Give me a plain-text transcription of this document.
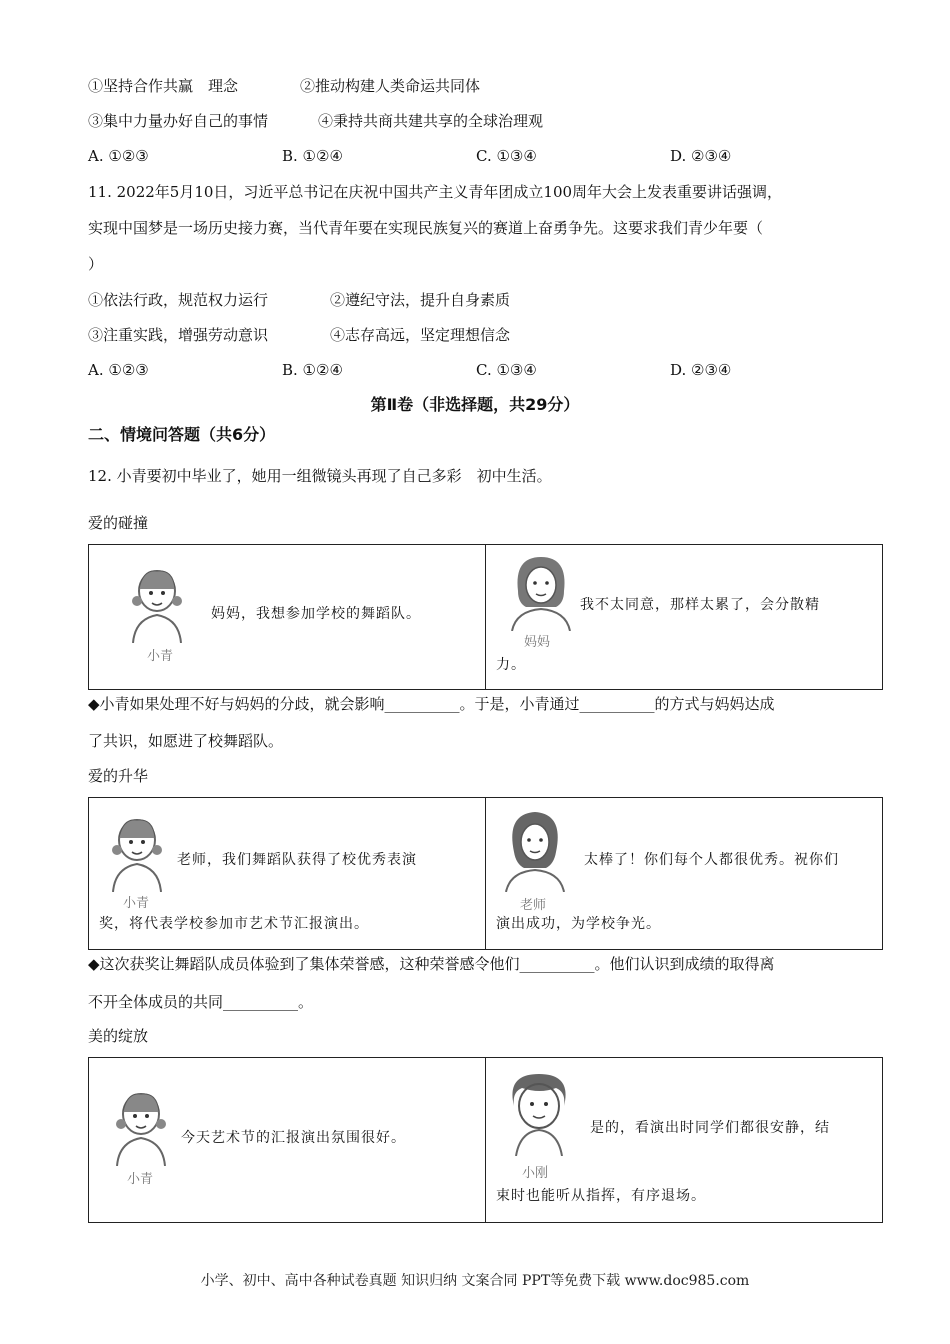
①坚持合作共赢　理念	②推动构建人类命运共同体
③集中力量办好自己的事情	④秉持共商共建共享的全球治理观
A. ①②③	B. ①②④	C. ①③④	D. ②③④
11. 2022年5月10日，习近平总书记在庆祝中国共产主义青年团成立100周年大会上发表重要讲话强调，
实现中国梦是一场历史接力赛，当代青年要在实现民族复兴的赛道上奋勇争先。这要求我们青少年要（
）
①依法行政，规范权力运行	②遵纪守法，提升自身素质
③注重实践，增强劳动意识	④志存高远，坚定理想信念
A. ①②③	B. ①②④	C. ①③④	D. ②③④
第Ⅱ卷（非选择题，共29分）
二、情境问答题（共6分）
12. 小青要初中毕业了，她用一组微镜头再现了自己多彩　初中生活。
爱的碰撞
小青
妈妈，我想参加学校的舞蹈队。
妈妈
我不太同意，那样太累了，会分散精
力。
◆小青如果处理不好与妈妈的分歧，就会影响__________。于是，小青通过__________的方式与妈妈达成
了共识，如愿进了校舞蹈队。
爱的升华
小青
老师，我们舞蹈队获得了校优秀表演
奖，将代表学校参加市艺术节汇报演出。
老师
太棒了！你们每个人都很优秀。祝你们
演出成功，为学校争光。
◆这次获奖让舞蹈队成员体验到了集体荣誉感，这种荣誉感令他们__________。他们认识到成绩的取得离
不开全体成员的共同__________。
美的绽放
小青
今天艺术节的汇报演出氛围很好。
小刚
是的，看演出时同学们都很安静，结
束时也能听从指挥，有序退场。
小学、初中、高中各种试卷真题 知识归纳 文案合同 PPT等免费下载 www.doc985.com
